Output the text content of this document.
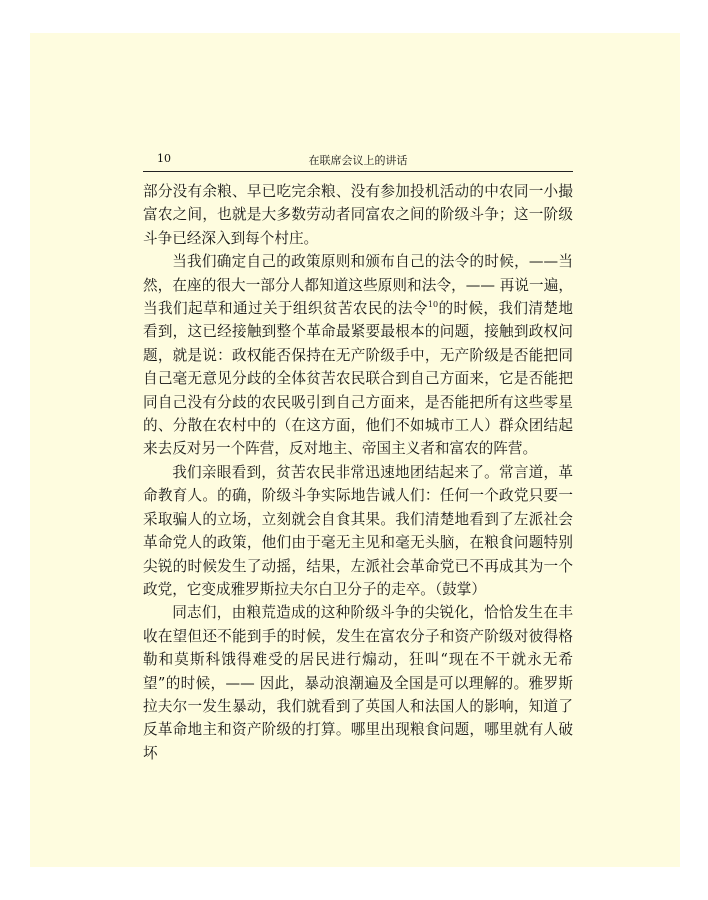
10	在联席会议上的讲话

部分没有余粮、早已吃完余粮、没有参加投机活动的中农同一小撮富农之间，也就是大多数劳动者同富农之间的阶级斗争；这一阶级斗争已经深入到每个村庄。

当我们确定自己的政策原则和颁布自己的法令的时候，——当然，在座的很大一部分人都知道这些原则和法令，—— 再说一遍，当我们起草和通过关于组织贫苦农民的法令$^{10}$的时候，我们清楚地看到，这已经接触到整个革命最紧要最根本的问题，接触到政权问题，就是说：政权能否保持在无产阶级手中，无产阶级是否能把同自己毫无意见分歧的全体贫苦农民联合到自己方面来，它是否能把同自己没有分歧的农民吸引到自己方面来，是否能把所有这些零星的、分散在农村中的（在这方面，他们不如城市工人）群众团结起来去反对另一个阵营，反对地主、帝国主义者和富农的阵营。

我们亲眼看到，贫苦农民非常迅速地团结起来了。常言道，革命教育人。的确，阶级斗争实际地告诫人们：任何一个政党只要一采取骗人的立场，立刻就会自食其果。我们清楚地看到了左派社会革命党人的政策，他们由于毫无主见和毫无头脑，在粮食问题特别尖锐的时候发生了动摇，结果，左派社会革命党已不再成其为一个政党，它变成雅罗斯拉夫尔白卫分子的走卒。（鼓掌）

同志们，由粮荒造成的这种阶级斗争的尖锐化，恰恰发生在丰收在望但还不能到手的时候，发生在富农分子和资产阶级对彼得格勒和莫斯科饿得难受的居民进行煽动，狂叫“现在不干就永无希望”的时候，—— 因此，暴动浪潮遍及全国是可以理解的。雅罗斯拉夫尔一发生暴动，我们就看到了英国人和法国人的影响，知道了反革命地主和资产阶级的打算。哪里出现粮食问题，哪里就有人破坏
